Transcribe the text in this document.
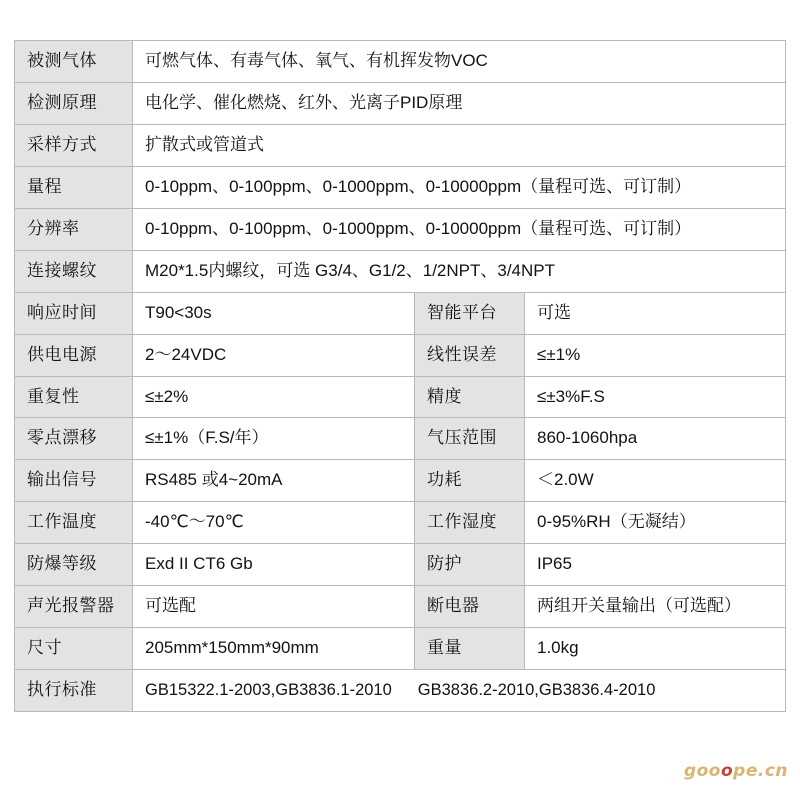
被测气体	可燃气体、有毒气体、氧气、有机挥发物VOC		
检测原理	电化学、催化燃烧、红外、光离子PID原理		
采样方式	扩散式或管道式		
量程	0-10ppm、0-100ppm、0-1000ppm、0-10000ppm（量程可选、可订制）		
分辨率	0-10ppm、0-100ppm、0-1000ppm、0-10000ppm（量程可选、可订制）		
连接螺纹	M20*1.5内螺纹，可选 G3/4、G1/2、1/2NPT、3/4NPT		
响应时间	T90<30s	智能平台	可选
供电电源	2～24VDC	线性误差	≤±1%
重复性	≤±2%	精度	≤±3%F.S
零点漂移	≤±1%（F.S/年）	气压范围	860-1060hpa
输出信号	RS485 或4~20mA	功耗	＜2.0W
工作温度	-40℃～70℃	工作湿度	0-95%RH（无凝结）
防爆等级	Exd II CT6 Gb	防护	IP65
声光报警器	可选配	断电器	两组开关量输出（可选配）
尺寸	205mm*150mm*90mm	重量	1.0kg
执行标准	GB15322.1-2003,GB3836.1-2010 GB3836.2-2010,GB3836.4-2010		
gooope.cn
